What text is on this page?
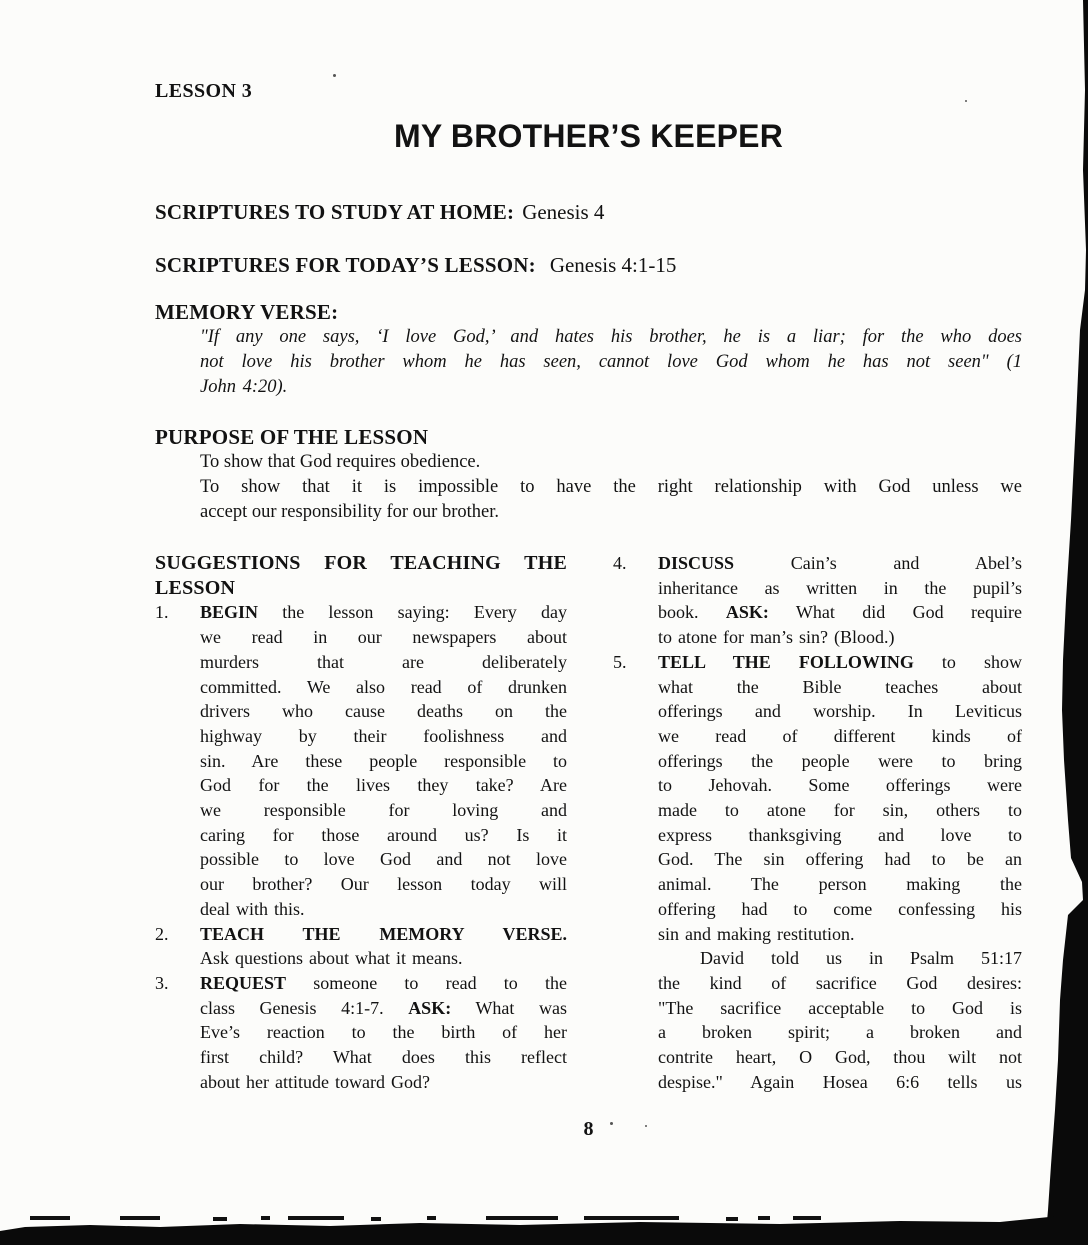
LESSON 3
MY BROTHER’S KEEPER
SCRIPTURES TO STUDY AT HOME: Genesis 4
SCRIPTURES FOR TODAY’S LESSON: Genesis 4:1-15
MEMORY VERSE:
"If any one says, ‘I love God,’ and hates his brother, he is a liar; for the who does
not love his brother whom he has seen, cannot love God whom he has not seen" (1
John 4:20).
PURPOSE OF THE LESSON
To show that God requires obedience.
To show that it is impossible to have the right relationship with God unless we
accept our responsibility for our brother.
SUGGESTIONS FOR TEACHING THE
LESSON
1.	BEGIN the lesson saying: Every day
we read in our newspapers about
murders that are deliberately
committed. We also read of drunken
drivers who cause deaths on the
highway by their foolishness and
sin. Are these people responsible to
God for the lives they take? Are
we responsible for loving and
caring for those around us? Is it
possible to love God and not love
our brother? Our lesson today will
deal with this.
2.	TEACH THE MEMORY VERSE.
Ask questions about what it means.
3.	REQUEST someone to read to the
class Genesis 4:1-7. ASK: What was
Eve’s reaction to the birth of her
first child? What does this reflect
about her attitude toward God?
4.	DISCUSS Cain’s and Abel’s
inheritance as written in the pupil’s
book. ASK: What did God require
to atone for man’s sin? (Blood.)
5.	TELL THE FOLLOWING to show
what the Bible teaches about
offerings and worship. In Leviticus
we read of different kinds of
offerings the people were to bring
to Jehovah. Some offerings were
made to atone for sin, others to
express thanksgiving and love to
God. The sin offering had to be an
animal. The person making the
offering had to come confessing his
sin and making restitution.
David told us in Psalm 51:17
the kind of sacrifice God desires:
"The sacrifice acceptable to God is
a broken spirit; a broken and
contrite heart, O God, thou wilt not
despise." Again Hosea 6:6 tells us
8
